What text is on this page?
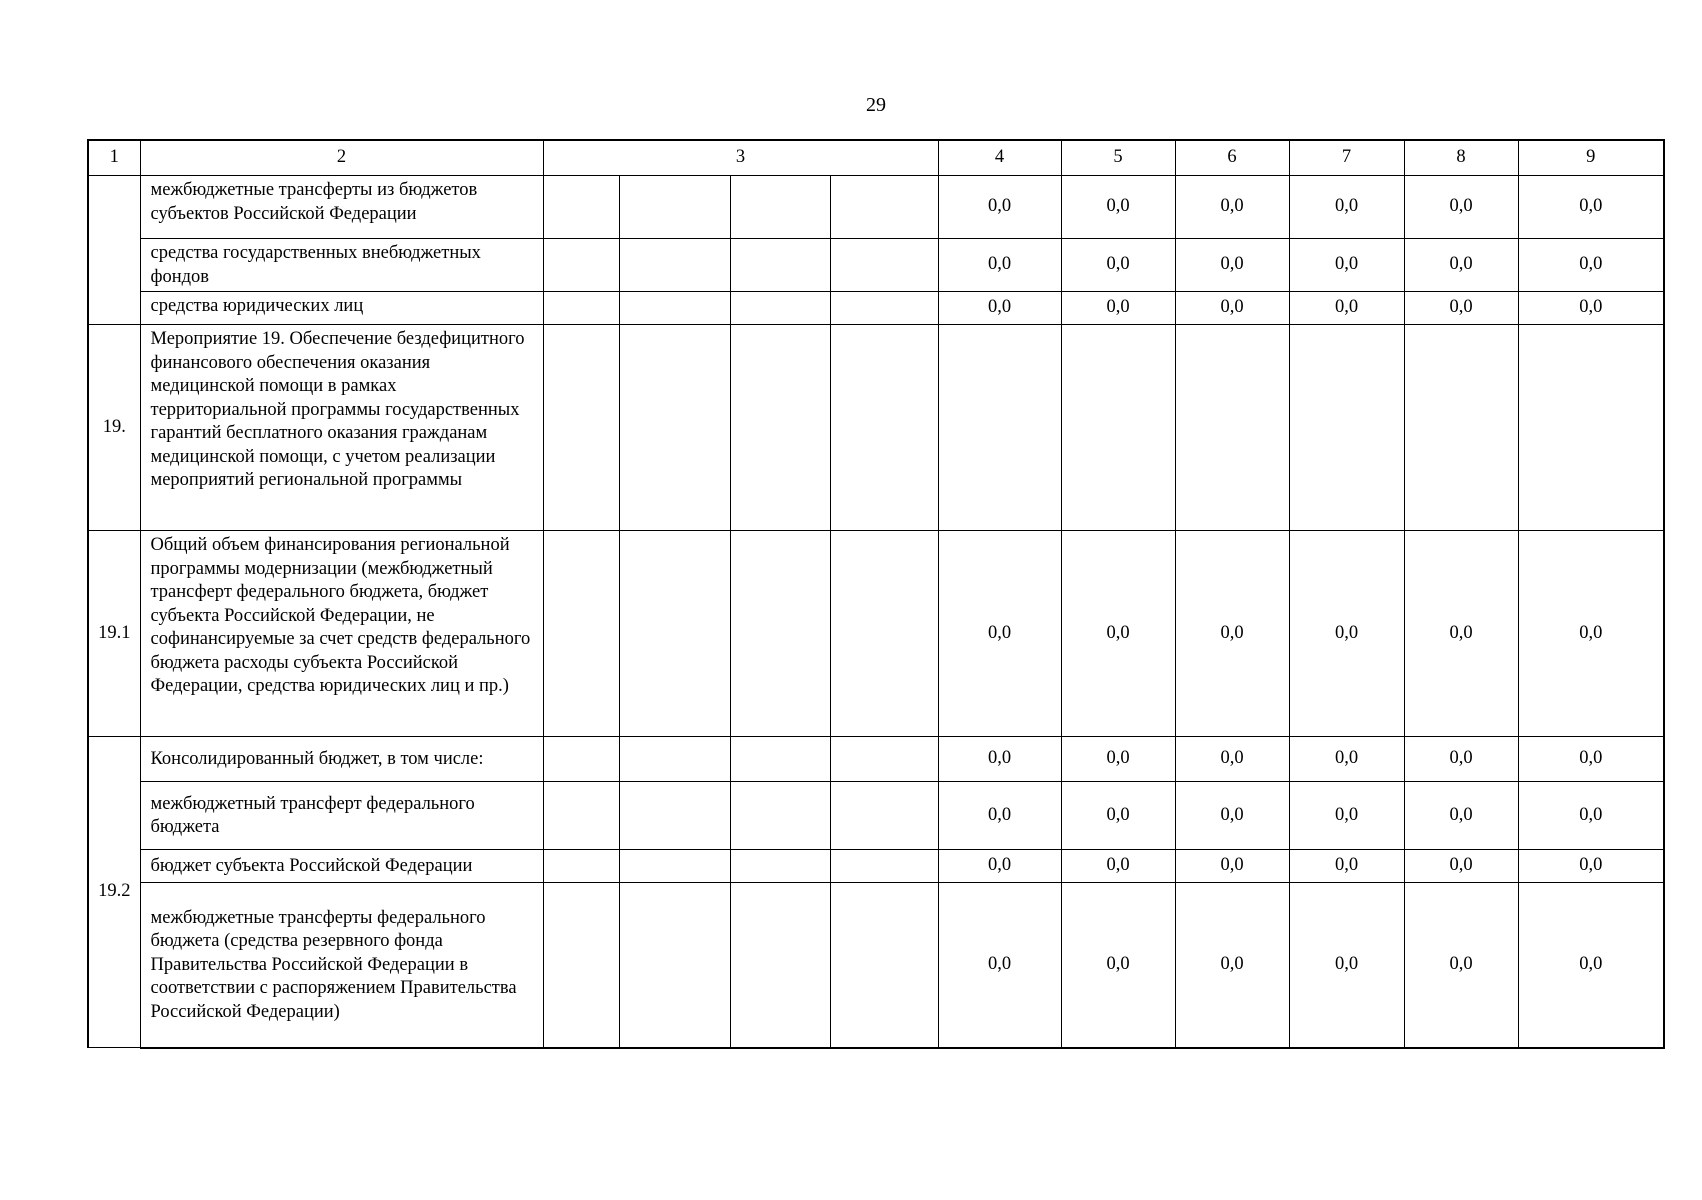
29
1	2	3				4	5	6	7	8	9
	межбюджетные трансферты из бюджетов субъектов Российской Федерации					0,0	0,0	0,0	0,0	0,0	0,0
	средства государственных внебюджетных фондов					0,0	0,0	0,0	0,0	0,0	0,0
	средства юридических лиц					0,0	0,0	0,0	0,0	0,0	0,0
19.	Мероприятие 19. Обеспечение бездефицитного финансового обеспечения оказания медицинской помощи в рамках территориальной программы государственных гарантий бесплатного оказания гражданам медицинской помощи, с учетом реализации мероприятий региональной программы										
19.1	Общий объем финансирования региональной программы модернизации (межбюджетный трансферт федерального бюджета, бюджет субъекта Российской Федерации, не софинансируемые за счет средств федерального бюджета расходы субъекта Российской Федерации, средства юридических лиц и пр.)					0,0	0,0	0,0	0,0	0,0	0,0
19.2	Консолидированный бюджет, в том числе:					0,0	0,0	0,0	0,0	0,0	0,0
	межбюджетный трансферт федерального бюджета					0,0	0,0	0,0	0,0	0,0	0,0
	бюджет субъекта Российской Федерации					0,0	0,0	0,0	0,0	0,0	0,0
	межбюджетные трансферты федерального бюджета (средства резервного фонда Правительства Российской Федерации в соответствии с распоряжением Правительства Российской Федерации)					0,0	0,0	0,0	0,0	0,0	0,0
